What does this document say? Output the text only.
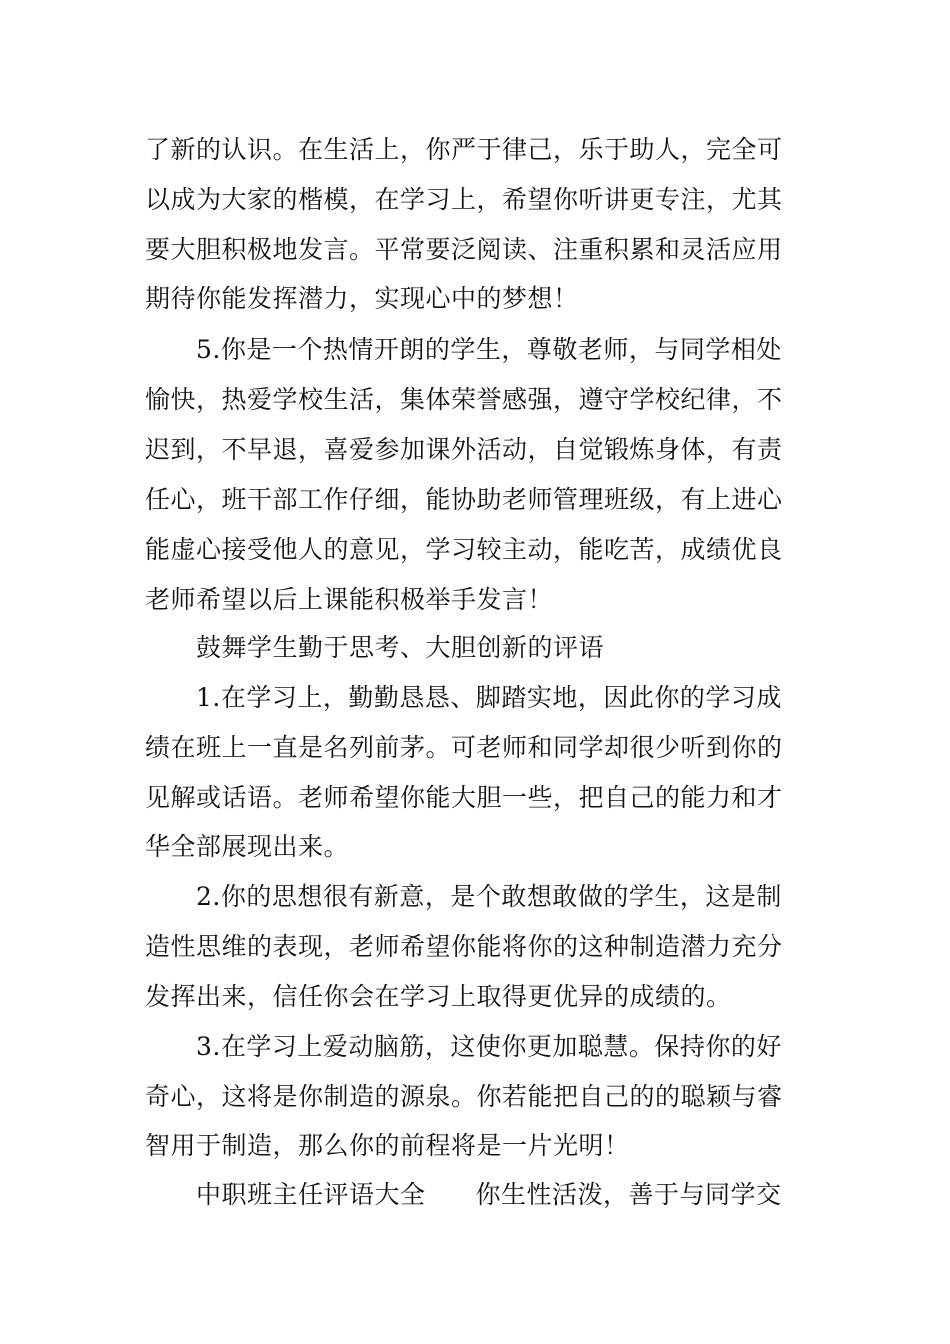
了新的认识。在生活上，你严于律己，乐于助人，完全可
以成为大家的楷模，在学习上，希望你听讲更专注，尤其
要大胆积极地发言。平常要泛阅读、注重积累和灵活应用
期待你能发挥潜力，实现心中的梦想！
5.你是一个热情开朗的学生，尊敬老师，与同学相处
愉快，热爱学校生活，集体荣誉感强，遵守学校纪律，不
迟到，不早退，喜爱参加课外活动，自觉锻炼身体，有责
任心，班干部工作仔细，能协助老师管理班级，有上进心
能虚心接受他人的意见，学习较主动，能吃苦，成绩优良
老师希望以后上课能积极举手发言！
鼓舞学生勤于思考、大胆创新的评语
1.在学习上，勤勤恳恳、脚踏实地，因此你的学习成
绩在班上一直是名列前茅。可老师和同学却很少听到你的
见解或话语。老师希望你能大胆一些，把自己的能力和才
华全部展现出来。
2.你的思想很有新意，是个敢想敢做的学生，这是制
造性思维的表现，老师希望你能将你的这种制造潜力充分
发挥出来，信任你会在学习上取得更优异的成绩的。
3.在学习上爱动脑筋，这使你更加聪慧。保持你的好
奇心，这将是你制造的源泉。你若能把自己的的聪颖与睿
智用于制造，那么你的前程将是一片光明！
中职班主任评语大全 你生性活泼，善于与同学交
